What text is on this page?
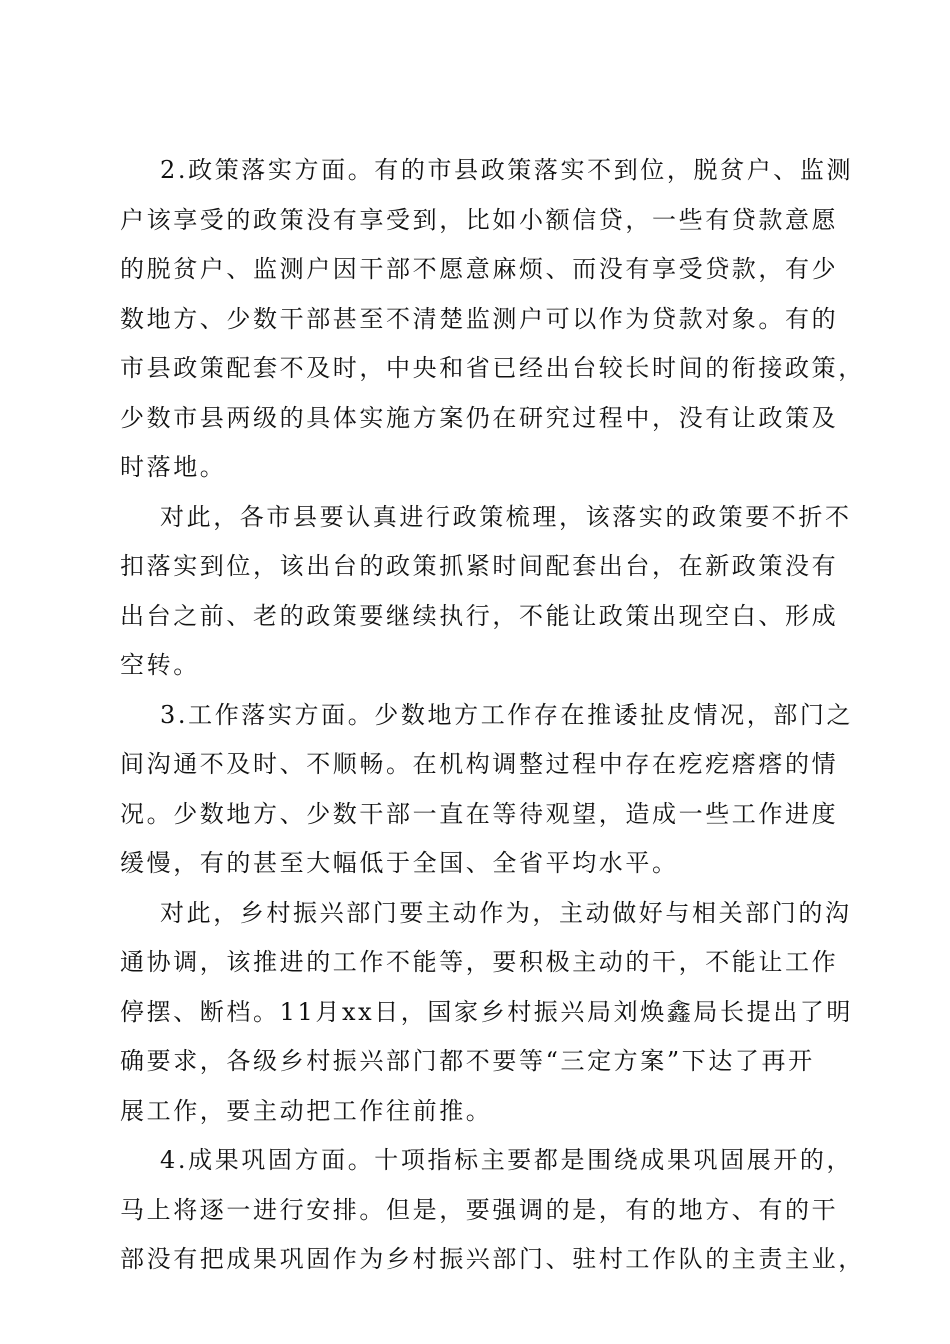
2.政策落实方面。有的市县政策落实不到位，脱贫户、监测
户该享受的政策没有享受到，比如小额信贷，一些有贷款意愿
的脱贫户、监测户因干部不愿意麻烦、而没有享受贷款，有少
数地方、少数干部甚至不清楚监测户可以作为贷款对象。有的
市县政策配套不及时，中央和省已经出台较长时间的衔接政策，
少数市县两级的具体实施方案仍在研究过程中，没有让政策及
时落地。
对此，各市县要认真进行政策梳理，该落实的政策要不折不
扣落实到位，该出台的政策抓紧时间配套出台，在新政策没有
出台之前、老的政策要继续执行，不能让政策出现空白、形成
空转。
3.工作落实方面。少数地方工作存在推诿扯皮情况，部门之
间沟通不及时、不顺畅。在机构调整过程中存在疙疙瘩瘩的情
况。少数地方、少数干部一直在等待观望，造成一些工作进度
缓慢，有的甚至大幅低于全国、全省平均水平。
对此，乡村振兴部门要主动作为，主动做好与相关部门的沟
通协调，该推进的工作不能等，要积极主动的干，不能让工作
停摆、断档。11月xx日，国家乡村振兴局刘焕鑫局长提出了明
确要求，各级乡村振兴部门都不要等“三定方案”下达了再开
展工作，要主动把工作往前推。
4.成果巩固方面。十项指标主要都是围绕成果巩固展开的，
马上将逐一进行安排。但是，要强调的是，有的地方、有的干
部没有把成果巩固作为乡村振兴部门、驻村工作队的主责主业，
